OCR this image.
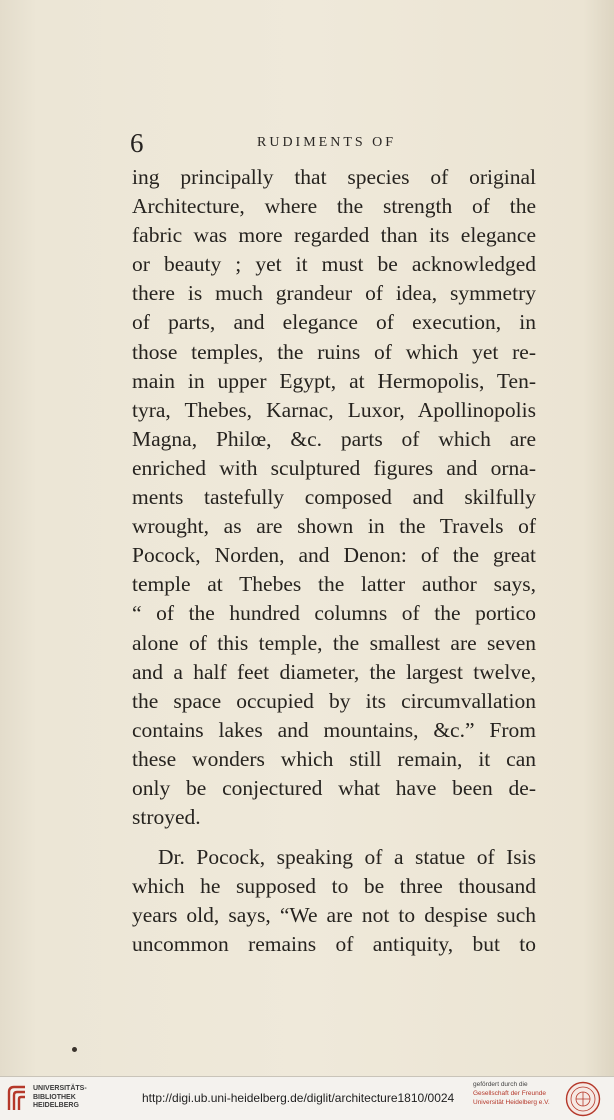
6	RUDIMENTS OF
ing principally that species of original
Architecture, where the strength of the
fabric was more regarded than its elegance
or beauty ; yet it must be acknowledged
there is much grandeur of idea, symmetry
of parts, and elegance of execution, in
those temples, the ruins of which yet re-
main in upper Egypt, at Hermopolis, Ten-
tyra, Thebes, Karnac, Luxor, Apollinopolis
Magna, Philœ, &c. parts of which are
enriched with sculptured figures and orna-
ments tastefully composed and skilfully
wrought, as are shown in the Travels of
Pocock, Norden, and Denon: of the great
temple at Thebes the latter author says,
“ of the hundred columns of the portico
alone of this temple, the smallest are seven
and a half feet diameter, the largest twelve,
the space occupied by its circumvallation
contains lakes and mountains, &c.” From
these wonders which still remain, it can
only be conjectured what have been de-
stroyed.
Dr. Pocock, speaking of a statue of Isis
which he supposed to be three thousand
years old, says, “We are not to despise such
uncommon remains of antiquity, but to
UNIVERSITÄTS-
BIBLIOTHEK
HEIDELBERG
http://digi.ub.uni-heidelberg.de/diglit/architecture1810/0024
gefördert durch die
Gesellschaft der Freunde
Universität Heidelberg e.V.
